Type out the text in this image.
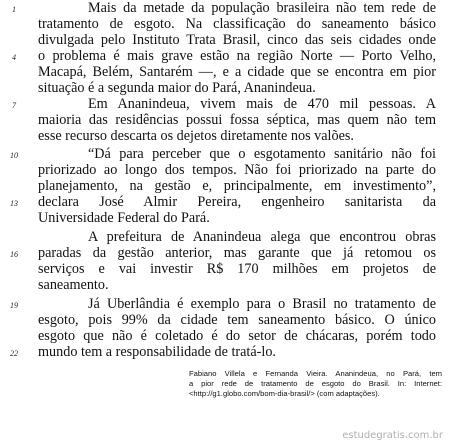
1	Mais da metade da população brasileira não tem rede de
tratamento de esgoto. Na classificação do saneamento básico
divulgada pelo Instituto Trata Brasil, cinco das seis cidades onde
4	o problema é mais grave estão na região Norte — Porto Velho,
Macapá, Belém, Santarém —, e a cidade que se encontra em pior
situação é a segunda maior do Pará, Ananindeua.
7	Em Ananindeua, vivem mais de 470 mil pessoas. A
maioria das residências possui fossa séptica, mas quem não tem
esse recurso descarta os dejetos diretamente nos valões.
10	“Dá para perceber que o esgotamento sanitário não foi
priorizado ao longo dos tempos. Não foi priorizado na parte do
planejamento, na gestão e, principalmente, em investimento”,
13 declara José Almir Pereira, engenheiro sanitarista da
Universidade Federal do Pará.
A prefeitura de Ananindeua alega que encontrou obras
16 paradas da gestão anterior, mas garante que já retomou os
serviços e vai investir R$ 170 milhões em projetos de
saneamento.
19	Já Uberlândia é exemplo para o Brasil no tratamento de
esgoto, pois 99% da cidade tem saneamento básico. O único
esgoto que não é coletado é do setor de chácaras, porém todo
22 mundo tem a responsabilidade de tratá-lo.
Fabiano Villela e Fernanda Vieira. Ananindeua, no Pará, tem
a pior rede de tratamento de esgoto do Brasil. In: Internet:
<http://g1.globo.com/bom-dia-brasil/> (com adaptações).
estudegratis.com.br
